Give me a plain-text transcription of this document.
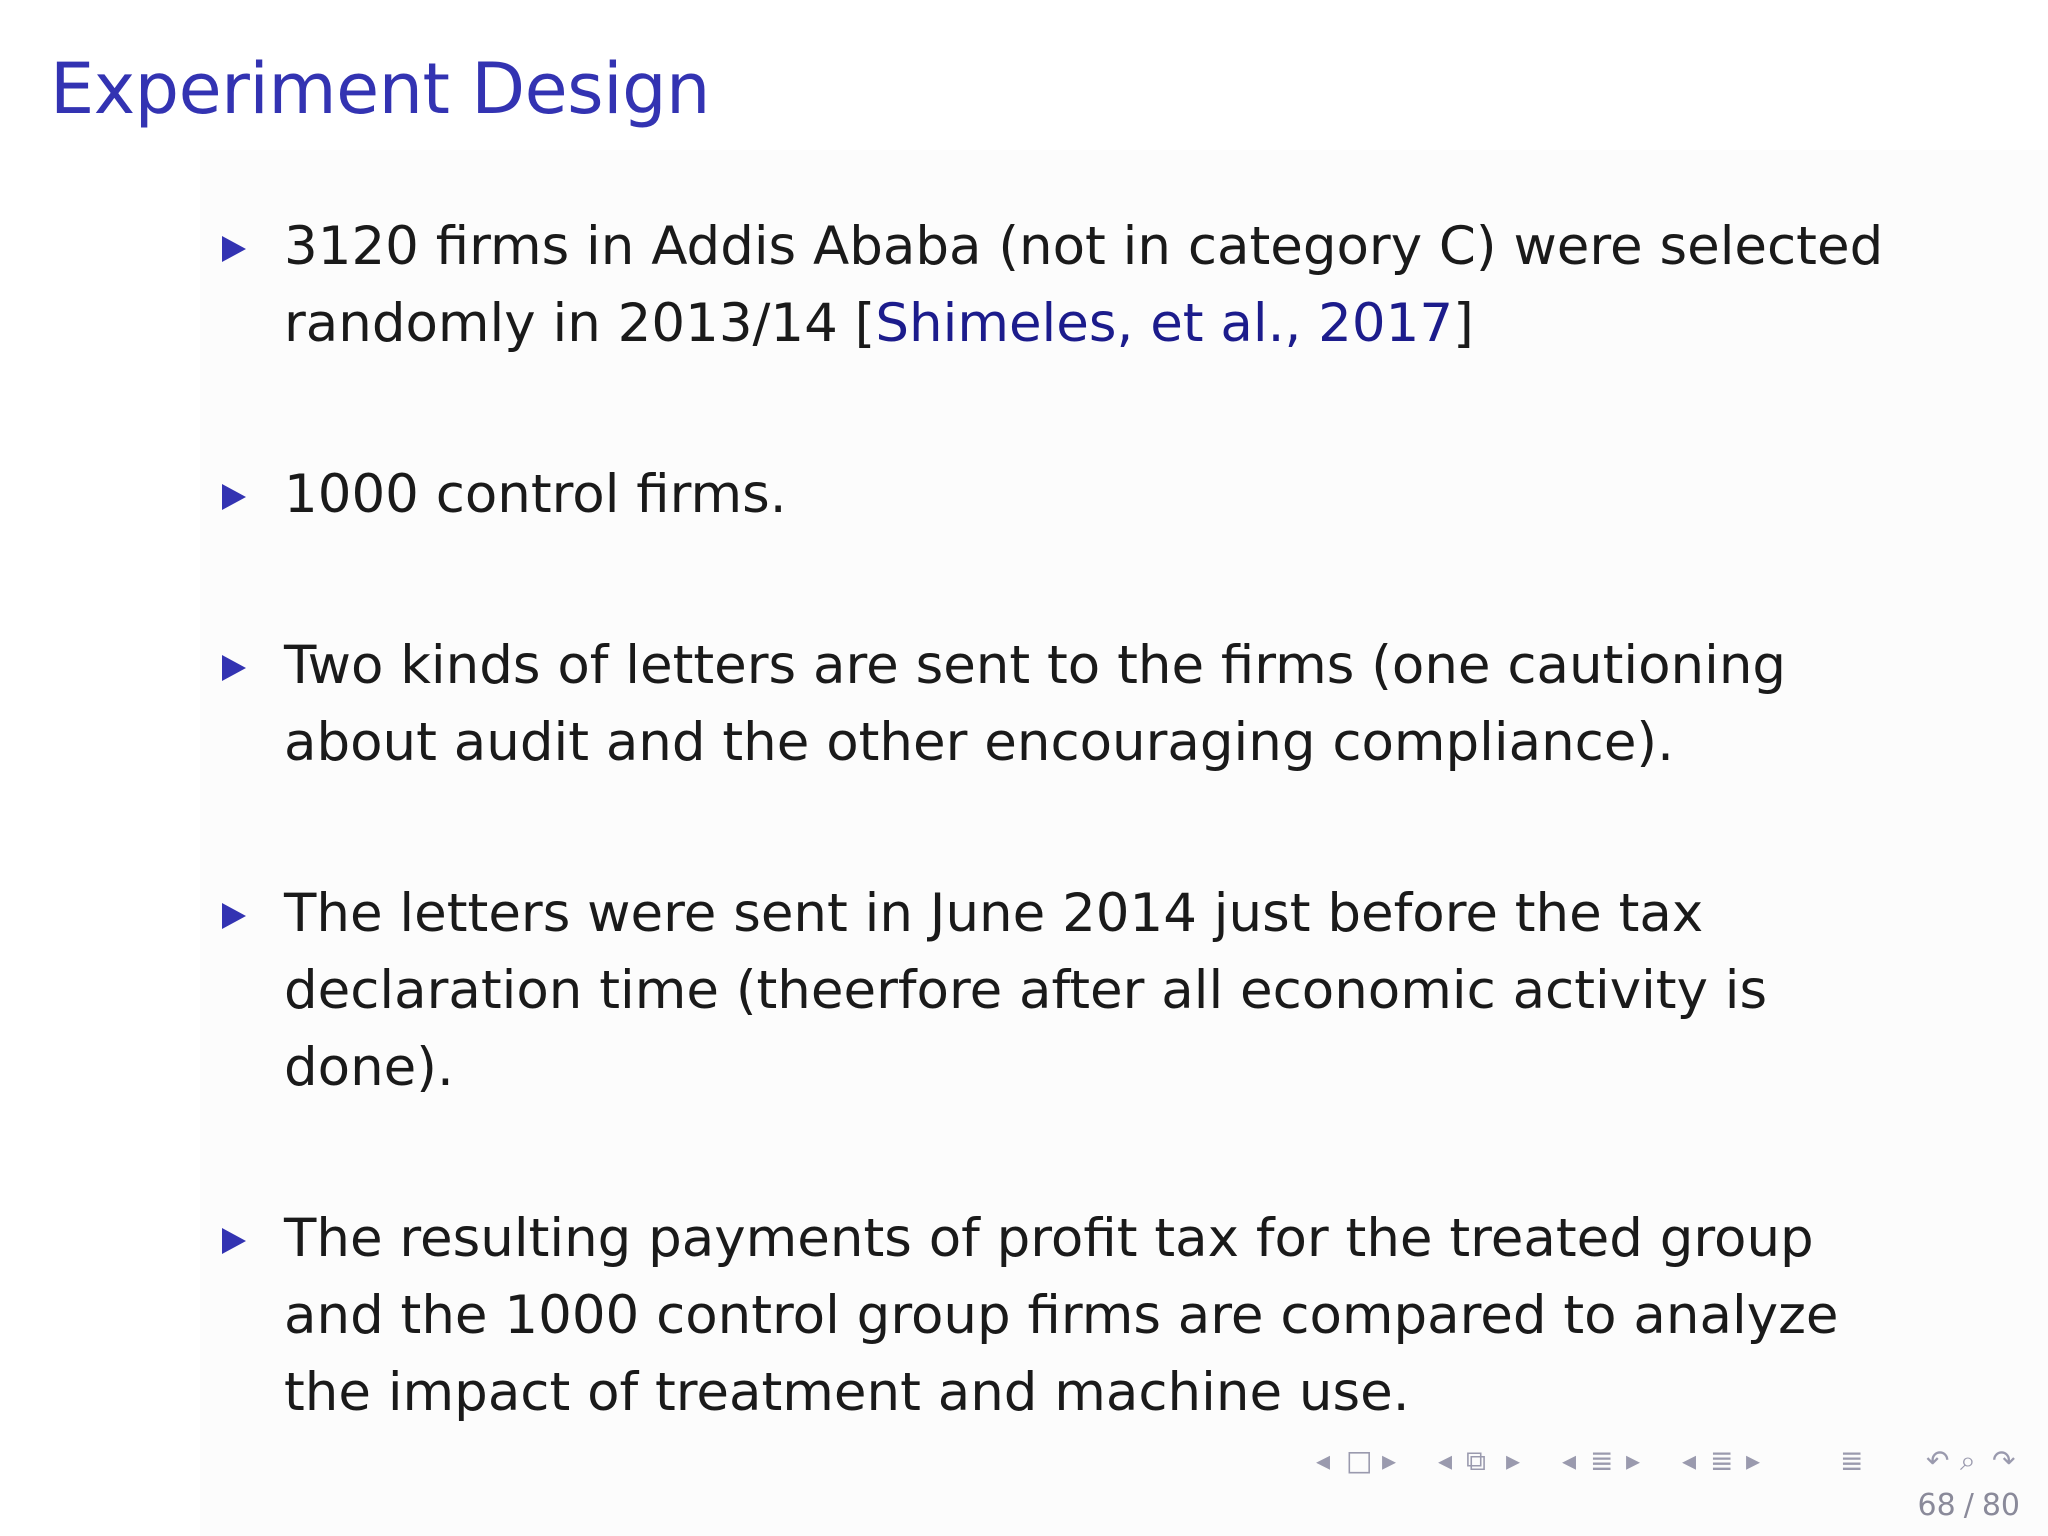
Experiment Design
3120 firms in Addis Ababa (not in category C) were selected randomly in 2013/14 [Shimeles, et al., 2017]
1000 control firms.
Two kinds of letters are sent to the firms (one cautioning about audit and the other encouraging compliance).
The letters were sent in June 2014 just before the tax declaration time (theerfore after all economic activity is done).
The resulting payments of profit tax for the treated group and the 1000 control group firms are compared to analyze the impact of treatment and machine use.
◂ □ ▸ ◂ ⧉ ▸ ◂ ≣ ▸ ◂ ≣ ▸	≣ ↶ ⌕ ↷
68 / 80
